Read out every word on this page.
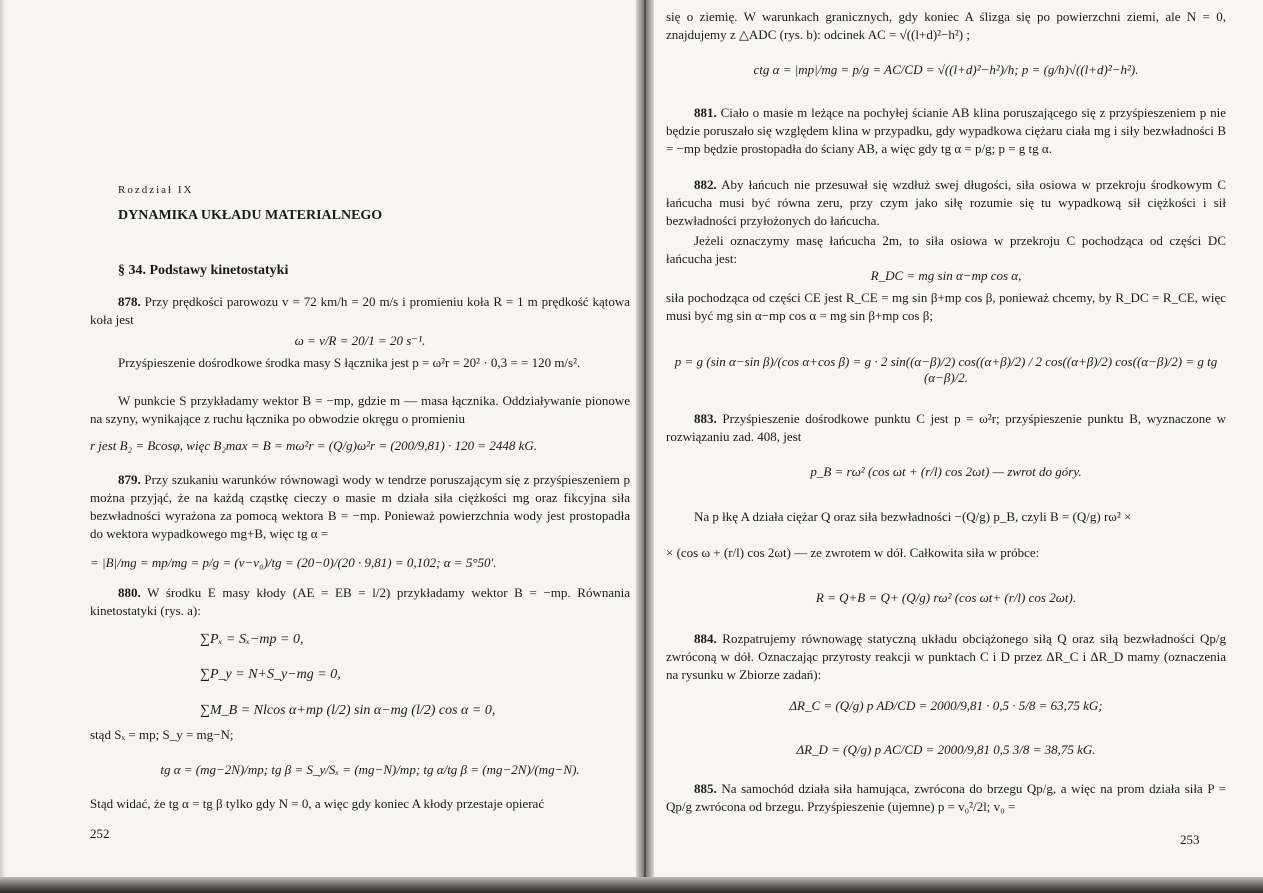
Rozdział IX
DYNAMIKA UKŁADU MATERIALNEGO
§ 34. Podstawy kinetostatyki

878. Przy prędkości parowozu v = 72 km/h = 20 m/s i promieniu koła R = 1 m prędkość kątowa koła jest

ω = v/R = 20/1 = 20 s⁻¹.

Przyśpieszenie dośrodkowe środka masy S łącznika jest p = ω²r = 20² · 0,3 = = 120 m/s².

W punkcie S przykładamy wektor B = −mp, gdzie m — masa łącznika. Oddziaływanie pionowe na szyny, wynikające z ruchu łącznika po obwodzie okręgu o promieniu

r jest B₂ = Bcosφ, więc B₂max = B = mω²r = (Q/g)ω²r = (200/9,81) · 120 = 2448 kG.

879. Przy szukaniu warunków równowagi wody w tendrze poruszającym się z przyśpieszeniem p można przyjąć, że na każdą cząstkę cieczy o masie m działa siła ciężkości mg oraz fikcyjna siła bezwładności wyrażona za pomocą wektora B = −mp. Ponieważ powierzchnia wody jest prostopadła do wektora wypadkowego mg+B, więc tg α =

= |B|/mg = mp/mg = p/g = (v−v₀)/tg = (20−0)/(20 · 9,81) = 0,102; α = 5°50′.

880. W środku E masy kłody (AE = EB = l/2) przykładamy wektor B = −mp. Równania kinetostatyki (rys. a):

∑Pₓ = Sₓ−mp = 0,
∑P_y = N+S_y−mg = 0,
∑M_B = Nlcos α+mp (l/2) sin α−mg (l/2) cos α = 0,

stąd Sₓ = mp; S_y = mg−N;

tg α = (mg−2N)/mp; tg β = S_y/Sₓ = (mg−N)/mp; tg α/tg β = (mg−2N)/(mg−N).

Stąd widać, że tg α = tg β tylko gdy N = 0, a więc gdy koniec A kłody przestaje opierać

252

się o ziemię. W warunkach granicznych, gdy koniec A ślizga się po powierzchni ziemi, ale N = 0, znajdujemy z △ADC (rys. b): odcinek AC = √((l+d)²−h²) ;

ctg α = |mp|/mg = p/g = AC/CD = √((l+d)²−h²)/h; p = (g/h)√((l+d)²−h²).

881. Ciało o masie m leżące na pochyłej ścianie AB klina poruszającego się z przyśpieszeniem p nie będzie poruszało się względem klina w przypadku, gdy wypadkowa ciężaru ciała mg i siły bezwładności B = −mp będzie prostopadła do ściany AB, a więc gdy tg α = p/g; p = g tg α.

882. Aby łańcuch nie przesuwał się wzdłuż swej długości, siła osiowa w przekroju środkowym C łańcucha musi być równa zeru, przy czym jako siłę rozumie się tu wypadkową sił ciężkości i sił bezwładności przyłożonych do łańcucha.

Jeżeli oznaczymy masę łańcucha 2m, to siła osiowa w przekroju C pochodząca od części DC łańcucha jest:

R_DC = mg sin α−mp cos α,

siła pochodząca od części CE jest R_CE = mg sin β+mp cos β, ponieważ chcemy, by R_DC = R_CE, więc musi być mg sin α−mp cos α = mg sin β+mp cos β;

p = g (sin α−sin β)/(cos α+cos β) = g · 2 sin((α−β)/2) cos((α+β)/2) / 2 cos((α+β)/2) cos((α−β)/2) = g tg (α−β)/2.

883. Przyśpieszenie dośrodkowe punktu C jest p = ω²r; przyśpieszenie punktu B, wyznaczone w rozwiązaniu zad. 408, jest

p_B = rω² (cos ωt + (r/l) cos 2ωt) — zwrot do góry.

Na p łkę A działa ciężar Q oraz siła bezwładności −(Q/g) p_B, czyli B = (Q/g) rω² ×

× (cos ω + (r/l) cos 2ωt) — ze zwrotem w dół. Całkowita siła w próbce:

R = Q+B = Q+ (Q/g) rω² (cos ωt+ (r/l) cos 2ωt).

884. Rozpatrujemy równowagę statyczną układu obciążonego siłą Q oraz siłą bezwładności Qp/g zwróconą w dół. Oznaczając przyrosty reakcji w punktach C i D przez ΔR_C i ΔR_D mamy (oznaczenia na rysunku w Zbiorze zadań):

ΔR_C = (Q/g) p AD/CD = 2000/9,81 · 0,5 · 5/8 = 63,75 kG;
ΔR_D = (Q/g) p AC/CD = 2000/9,81 0,5 3/8 = 38,75 kG.

885. Na samochód działa siła hamująca, zwrócona do brzegu Qp/g, a więc na prom działa siła P = Qp/g zwrócona od brzegu. Przyśpieszenie (ujemne) p = v₀²/2l; v₀ =

253
